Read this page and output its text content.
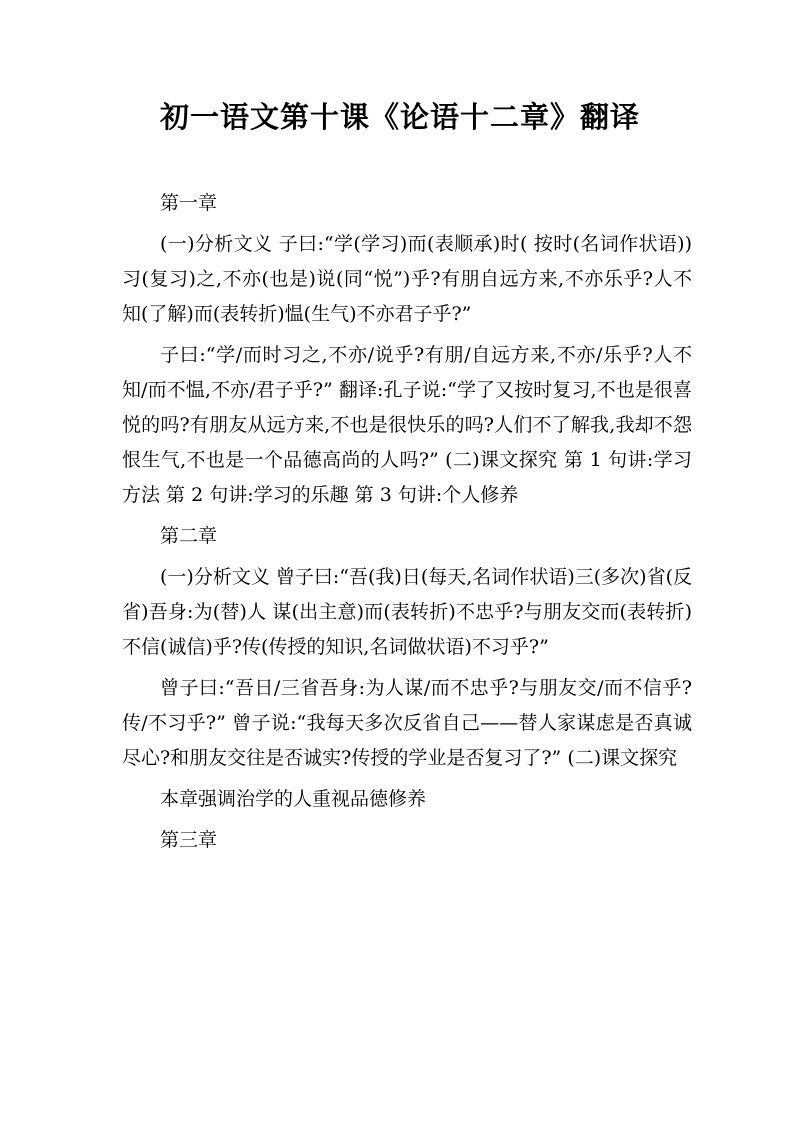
初一语文第十课《论语十二章》翻译

第一章

(一)分析文义 子曰:“学(学习)而(表顺承)时( 按时(名词作状语))习(复习)之,不亦(也是)说(同“悦”)乎?有朋自远方来,不亦乐乎?人不知(了解)而(表转折)愠(生气)不亦君子乎?”

子曰:“学/而时习之,不亦/说乎?有朋/自远方来,不亦/乐乎?人不知/而不愠,不亦/君子乎?” 翻译:孔子说:“学了又按时复习,不也是很喜悦的吗?有朋友从远方来,不也是很快乐的吗?人们不了解我,我却不怨恨生气,不也是一个品德高尚的人吗?” (二)课文探究 第 1 句讲:学习方法 第 2 句讲:学习的乐趣 第 3 句讲:个人修养

第二章

(一)分析文义 曾子曰:“吾(我)日(每天,名词作状语)三(多次)省(反省)吾身:为(替)人 谋(出主意)而(表转折)不忠乎?与朋友交而(表转折)不信(诚信)乎?传(传授的知识,名词做状语)不习乎?”

曾子曰:“吾日/三省吾身:为人谋/而不忠乎?与朋友交/而不信乎?传/不习乎?” 曾子说:“我每天多次反省自己——替人家谋虑是否真诚尽心?和朋友交往是否诚实?传授的学业是否复习了?” (二)课文探究

本章强调治学的人重视品德修养

第三章
